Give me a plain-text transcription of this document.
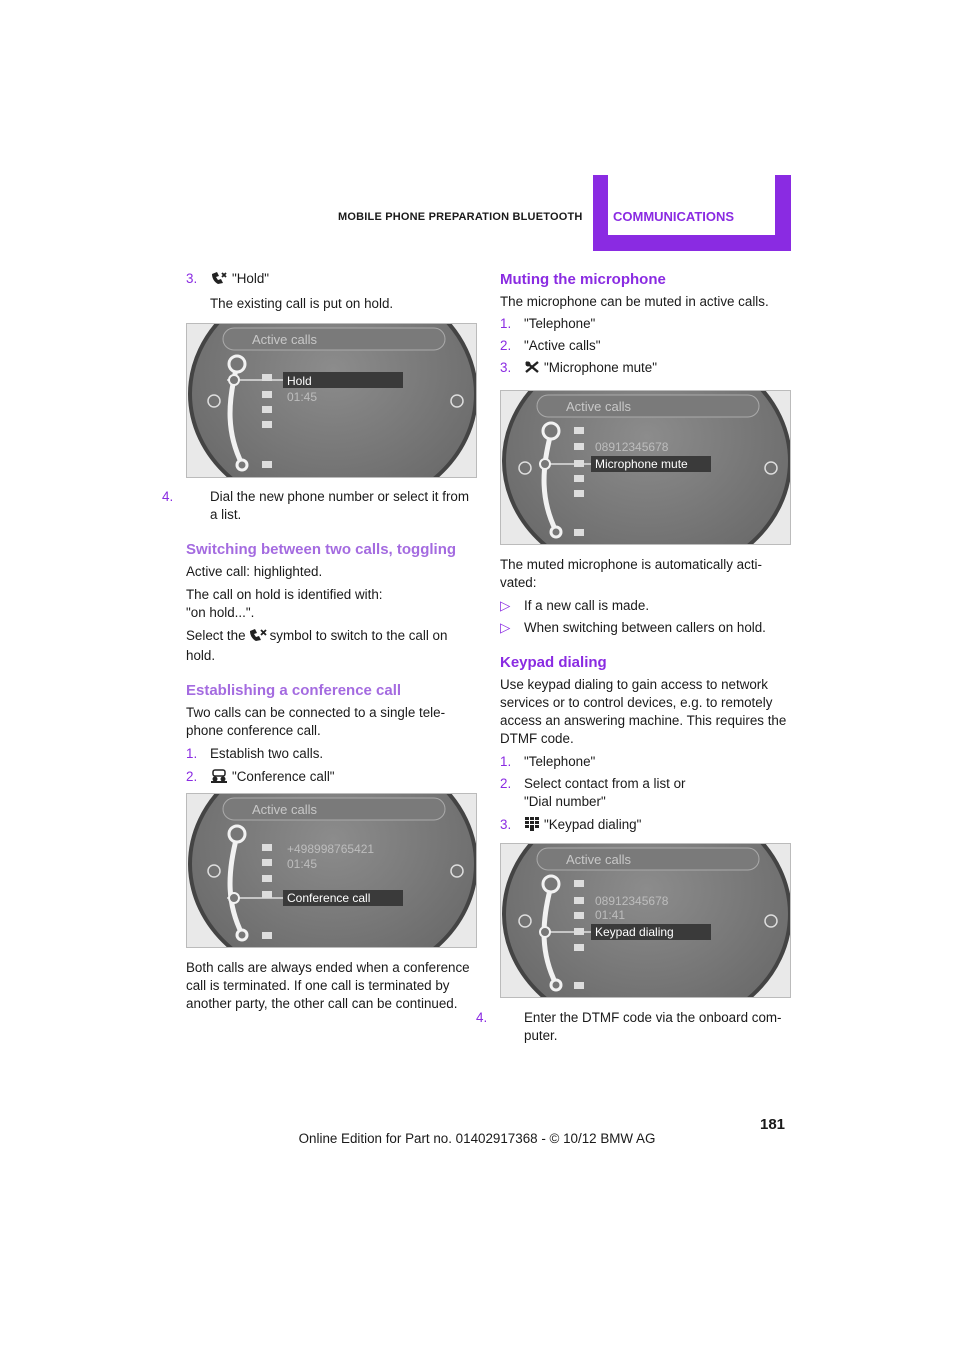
MOBILE PHONE PREPARATION BLUETOOTH COMMUNICATIONS

3.	"Hold"

The existing call is put on hold.

Active calls
Hold
01:45

4.	Dial the new phone number or select it from a list.

Switching between two calls, toggling

Active call: highlighted.

The call on hold is identified with:

"on hold...".

Select the symbol to switch to the call on hold.

Establishing a conference call

Two calls can be connected to a single tele-phone conference call.

1. Establish two calls.

2.	"Conference call"

Active calls
+498998765421
01:45
Conference call
Both calls are always ended when a conference call is terminated. If one call is terminated by another party, the other call can be continued.

Muting the microphone

The microphone can be muted in active calls.

1. "Telephone"

2. "Active calls"

3. "Microphone mute"

Active calls
08912345678
Microphone mute

The muted microphone is automatically acti-vated:

▷ If a new call is made.

▷ When switching between callers on hold.

Keypad dialing

Use keypad dialing to gain access to network services or to control devices, e.g. to remotely access an answering machine. This requires the DTMF code.

1. "Telephone"

2. Select contact from a list or

"Dial number"

3. "Keypad dialing"

Active calls
08912345678
01:41
Keypad dialing

4.	Enter the DTMF code via the onboard com-puter.

181
Online Edition for Part no. 01402917368 - © 10/12 BMW AG
